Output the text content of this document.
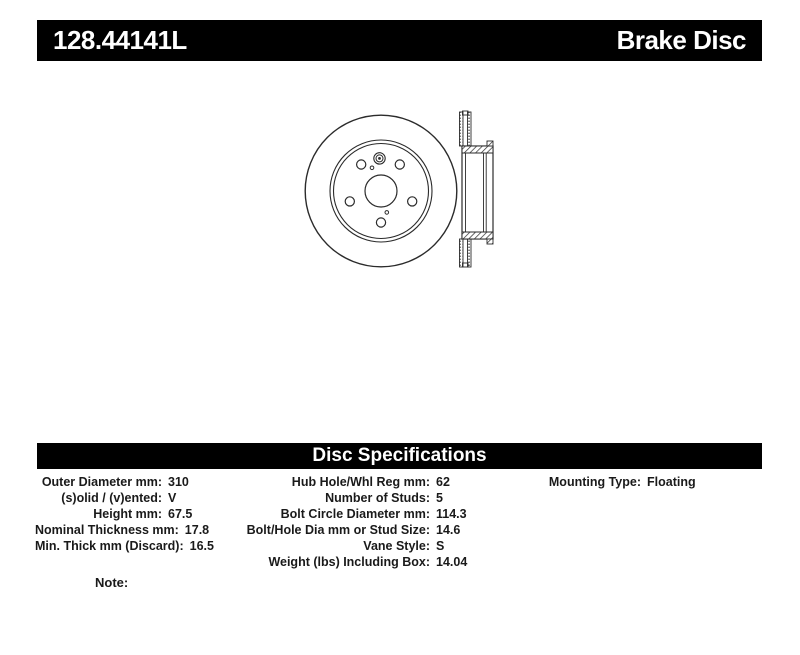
128.44141L	Brake Disc
Disc Specifications
Outer Diameter mm: 310
(s)olid / (v)ented: V
Height mm: 67.5
Nominal Thickness mm: 17.8
Min. Thick mm (Discard): 16.5
Hub Hole/Whl Reg mm: 62
Number of Studs: 5
Bolt Circle Diameter mm: 114.3
Bolt/Hole Dia mm or Stud Size: 14.6
Vane Style: S
Weight (lbs) Including Box: 14.04
Mounting Type: Floating
Note:
